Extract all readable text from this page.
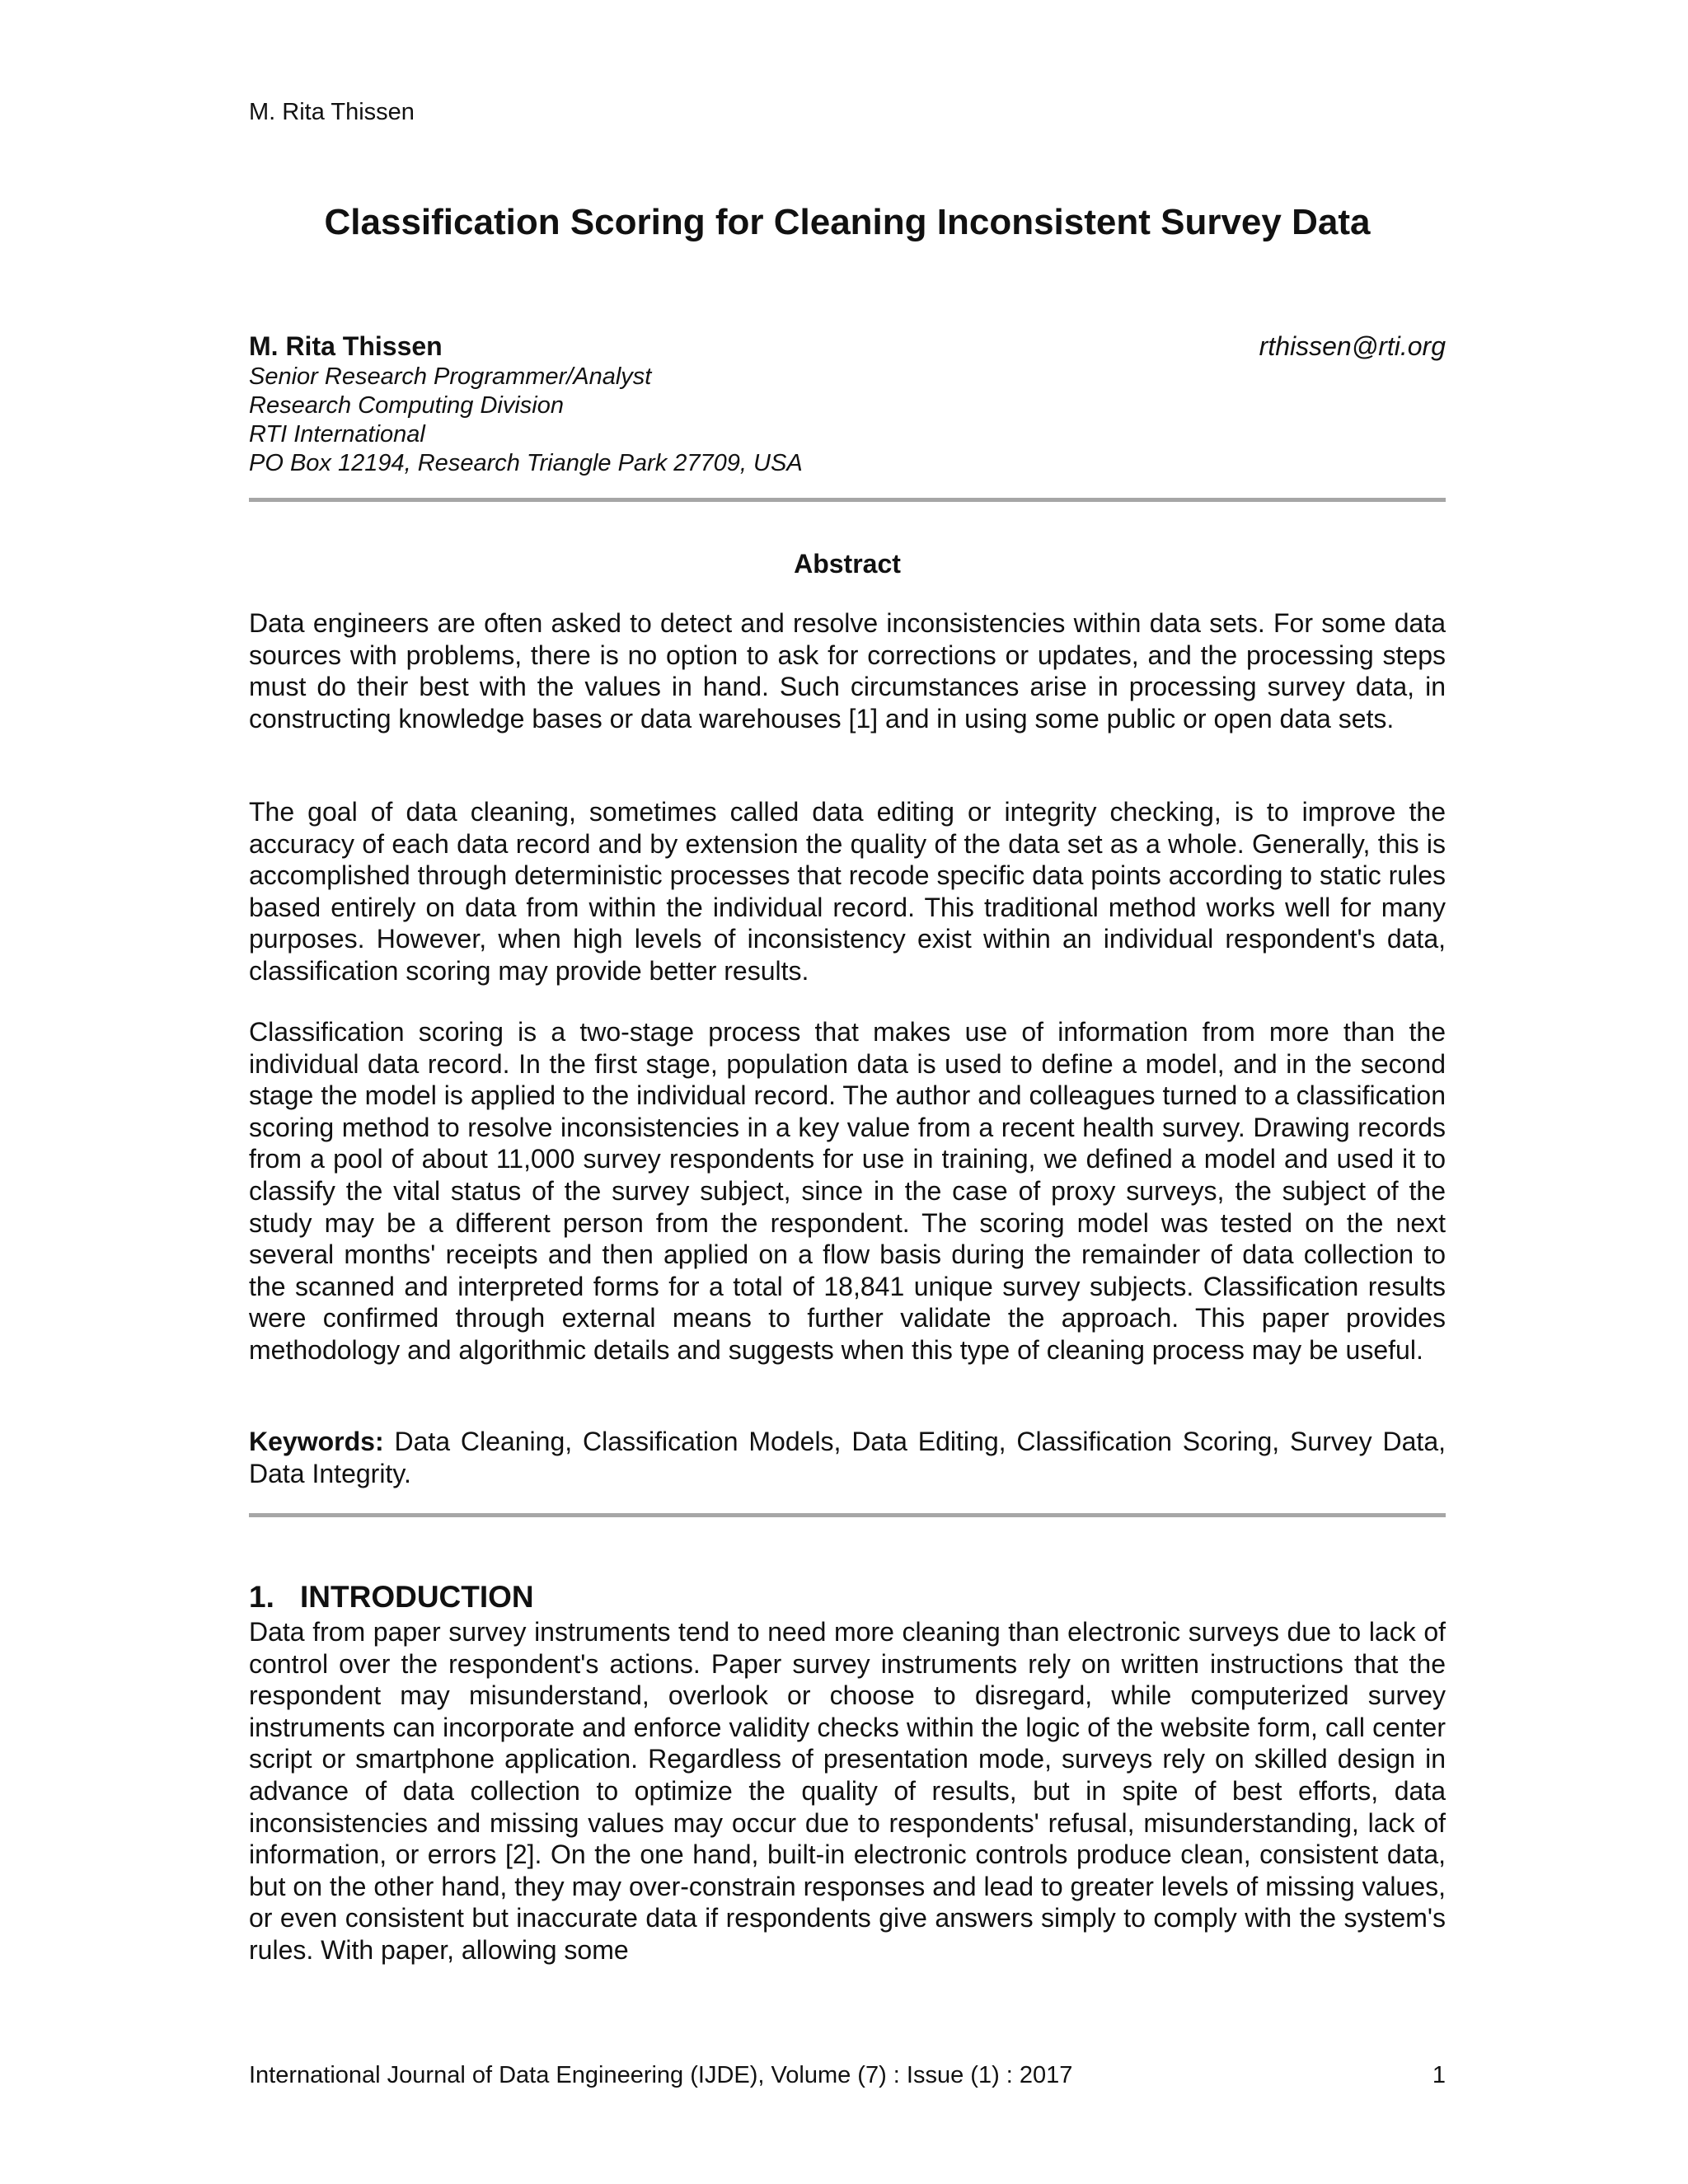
M. Rita Thissen
Classification Scoring for Cleaning Inconsistent Survey Data
M. Rita Thissen	rthissen@rti.org
Senior Research Programmer/Analyst
Research Computing Division
RTI International
PO Box 12194, Research Triangle Park 27709, USA
Abstract

Data engineers are often asked to detect and resolve inconsistencies within data sets. For some data sources with problems, there is no option to ask for corrections or updates, and the processing steps must do their best with the values in hand. Such circumstances arise in processing survey data, in constructing knowledge bases or data warehouses [1] and in using some public or open data sets.

The goal of data cleaning, sometimes called data editing or integrity checking, is to improve the accuracy of each data record and by extension the quality of the data set as a whole. Generally, this is accomplished through deterministic processes that recode specific data points according to static rules based entirely on data from within the individual record. This traditional method works well for many purposes. However, when high levels of inconsistency exist within an individual respondent's data, classification scoring may provide better results.

Classification scoring is a two-stage process that makes use of information from more than the individual data record. In the first stage, population data is used to define a model, and in the second stage the model is applied to the individual record. The author and colleagues turned to a classification scoring method to resolve inconsistencies in a key value from a recent health survey. Drawing records from a pool of about 11,000 survey respondents for use in training, we defined a model and used it to classify the vital status of the survey subject, since in the case of proxy surveys, the subject of the study may be a different person from the respondent. The scoring model was tested on the next several months' receipts and then applied on a flow basis during the remainder of data collection to the scanned and interpreted forms for a total of 18,841 unique survey subjects. Classification results were confirmed through external means to further validate the approach. This paper provides methodology and algorithmic details and suggests when this type of cleaning process may be useful.

Keywords: Data Cleaning, Classification Models, Data Editing, Classification Scoring, Survey Data, Data Integrity.

1. INTRODUCTION

Data from paper survey instruments tend to need more cleaning than electronic surveys due to lack of control over the respondent's actions. Paper survey instruments rely on written instructions that the respondent may misunderstand, overlook or choose to disregard, while computerized survey instruments can incorporate and enforce validity checks within the logic of the website form, call center script or smartphone application. Regardless of presentation mode, surveys rely on skilled design in advance of data collection to optimize the quality of results, but in spite of best efforts, data inconsistencies and missing values may occur due to respondents' refusal, misunderstanding, lack of information, or errors [2]. On the one hand, built-in electronic controls produce clean, consistent data, but on the other hand, they may over-constrain responses and lead to greater levels of missing values, or even consistent but inaccurate data if respondents give answers simply to comply with the system's rules. With paper, allowing some

International Journal of Data Engineering (IJDE), Volume (7) : Issue (1) : 2017	1
